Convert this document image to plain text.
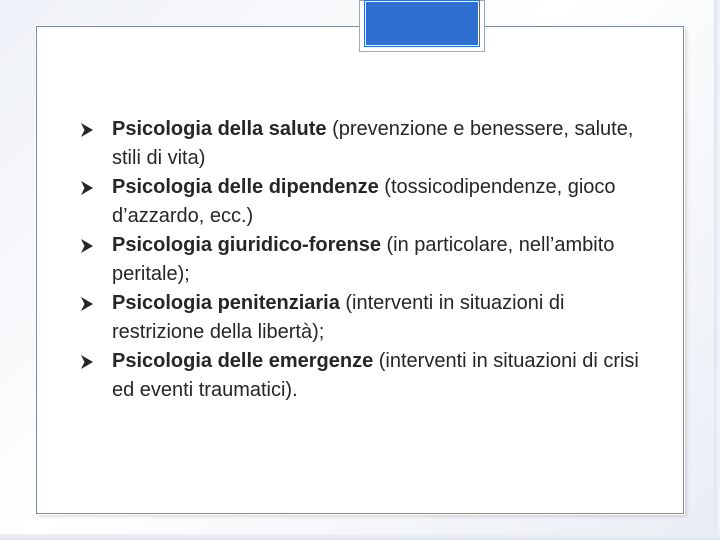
Psicologia della salute (prevenzione e benessere, salute, stili di vita)
Psicologia delle dipendenze (tossicodipendenze, gioco d’azzardo, ecc.)
Psicologia giuridico-forense (in particolare, nell’ambito peritale);
Psicologia penitenziaria (interventi in situazioni di restrizione della libertà);
Psicologia delle emergenze (interventi in situazioni di crisi ed eventi traumatici).
